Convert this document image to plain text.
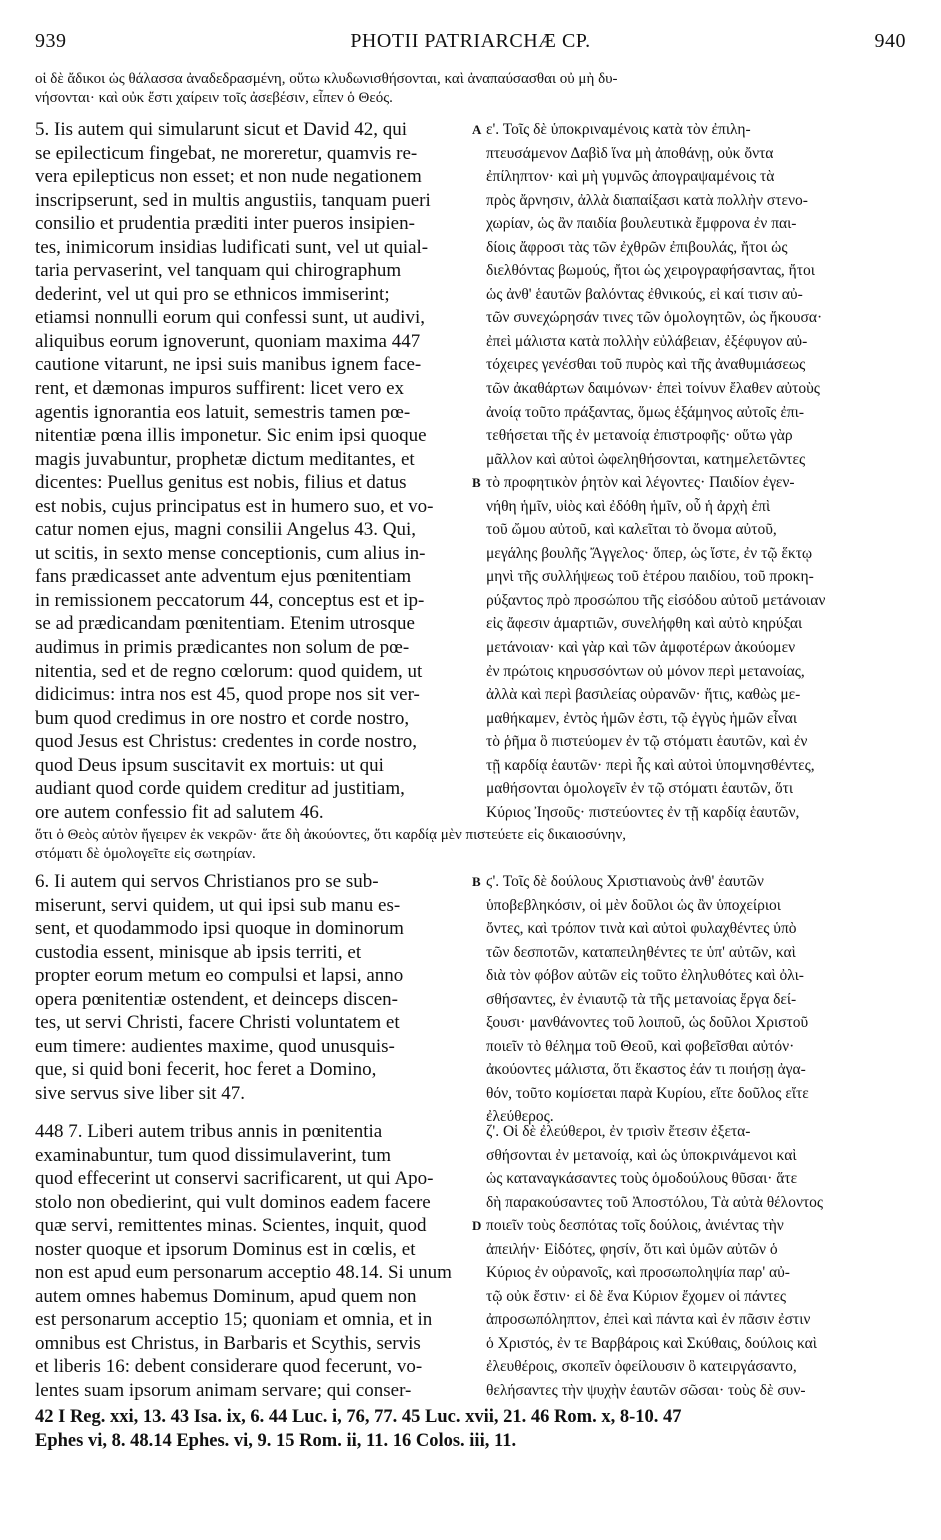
939	PHOTII PATRIARCHÆ CP.	940
οἱ δὲ ἄδικοι ὡς θάλασσα ἀναδεδρασμένη, οὕτω κλυδωνισθήσονται, καὶ ἀναπαύσασθαι οὐ μὴ δυ-
νήσονται· καὶ οὐκ ἔστι χαίρειν τοῖς ἀσεβέσιν, εἶπεν ὁ Θεός.
5. Iis autem qui simularunt sicut et David 42, qui
se epilecticum fingebat, ne moreretur, quamvis re-
vera epilepticus non esset; et non nude negationem
inscripserunt, sed in multis angustiis, tanquam pueri
consilio et prudentia præditi inter pueros insipien-
tes, inimicorum insidias ludificati sunt, vel ut quial-
taria pervaserint, vel tanquam qui chirographum
dederint, vel ut qui pro se ethnicos immiserint;
etiamsi nonnulli eorum qui confessi sunt, ut audivi,
aliquibus eorum ignoverunt, quoniam maxima 447
cautione vitarunt, ne ipsi suis manibus ignem face-
rent, et dæmonas impuros suffirent: licet vero ex
agentis ignorantia eos latuit, semestris tamen pœ-
nitentiæ pœna illis imponetur. Sic enim ipsi quoque
magis juvabuntur, prophetæ dictum meditantes, et
dicentes: Puellus genitus est nobis, filius et datus
est nobis, cujus principatus est in humero suo, et vo-
catur nomen ejus, magni consilii Angelus 43. Qui,
ut scitis, in sexto mense conceptionis, cum alius in-
fans prædicasset ante adventum ejus pœnitentiam
in remissionem peccatorum 44, conceptus est et ip-
se ad prædicandam pœnitentiam. Etenim utrosque
audimus in primis prædicantes non solum de pœ-
nitentia, sed et de regno cœlorum: quod quidem, ut
didicimus: intra nos est 45, quod prope nos sit ver-
bum quod credimus in ore nostro et corde nostro,
quod Jesus est Christus: credentes in corde nostro,
quod Deus ipsum suscitavit ex mortuis: ut qui
audiant quod corde quidem creditur ad justitiam,
ore autem confessio fit ad salutem 46.
ε'. Τοῖς δὲ ὑποκριναμένοις κατὰ τὸν ἐπιλη-
πτευσάμενον Δαβὶδ ἵνα μὴ ἀποθάνῃ, οὐκ ὄντα
ἐπίληπτον· καὶ μὴ γυμνῶς ἀπογραψαμένοις τὰ
πρὸς ἄρνησιν, ἀλλὰ διαπαίξασι κατὰ πολλὴν στενο-
χωρίαν, ὡς ἂν παιδία βουλευτικὰ ἔμφρονα ἐν παι-
δίοις ἄφροσι τὰς τῶν ἐχθρῶν ἐπιβουλάς, ἤτοι ὡς
διελθόντας βωμούς, ἤτοι ὡς χειρογραφήσαντας, ἤτοι
ὡς ἀνθ' ἑαυτῶν βαλόντας ἐθνικούς, εἰ καί τισιν αὐ-
τῶν συνεχώρησάν τινες τῶν ὁμολογητῶν, ὡς ἤκουσα·
ἐπεὶ μάλιστα κατὰ πολλὴν εὐλάβειαν, ἐξέφυγον αὐ-
τόχειρες γενέσθαι τοῦ πυρὸς καὶ τῆς ἀναθυμιάσεως
τῶν ἀκαθάρτων δαιμόνων· ἐπεὶ τοίνυν ἔλαθεν αὐτοὺς
ἀνοίᾳ τοῦτο πράξαντας, ὅμως ἑξάμηνος αὐτοῖς ἐπι-
τεθήσεται τῆς ἐν μετανοίᾳ ἐπιστροφῆς· οὕτω γὰρ
μᾶλλον καὶ αὐτοὶ ὠφεληθήσονται, κατημελετῶντες
τὸ προφητικὸν ῥητὸν καὶ λέγοντες· Παιδίον ἐγεν-
νήθη ἡμῖν, υἱὸς καὶ ἐδόθη ἡμῖν, οὗ ἡ ἀρχὴ ἐπὶ
τοῦ ὤμου αὐτοῦ, καὶ καλεῖται τὸ ὄνομα αὐτοῦ,
μεγάλης βουλῆς Ἄγγελος· ὅπερ, ὡς ἴστε, ἐν τῷ ἕκτῳ
μηνὶ τῆς συλλήψεως τοῦ ἑτέρου παιδίου, τοῦ προκη-
ρύξαντος πρὸ προσώπου τῆς εἰσόδου αὐτοῦ μετάνοιαν
εἰς ἄφεσιν ἁμαρτιῶν, συνελήφθη καὶ αὐτὸ κηρύξαι
μετάνοιαν· καὶ γὰρ καὶ τῶν ἀμφοτέρων ἀκούομεν
ἐν πρώτοις κηρυσσόντων οὐ μόνον περὶ μετανοίας,
ἀλλὰ καὶ περὶ βασιλείας οὐρανῶν· ἥτις, καθὼς με-
μαθήκαμεν, ἐντὸς ἡμῶν ἐστι, τῷ ἐγγὺς ἡμῶν εἶναι
τὸ ῥῆμα ὃ πιστεύομεν ἐν τῷ στόματι ἑαυτῶν, καὶ ἐν
τῇ καρδίᾳ ἑαυτῶν· περὶ ἧς καὶ αὐτοὶ ὑπομνησθέντες,
μαθήσονται ὁμολογεῖν ἐν τῷ στόματι ἑαυτῶν, ὅτι
Κύριος Ἰησοῦς· πιστεύοντες ἐν τῇ καρδίᾳ ἑαυτῶν,
A
B
ὅτι ὁ Θεὸς αὐτὸν ἤγειρεν ἐκ νεκρῶν· ἅτε δὴ ἀκούοντες, ὅτι καρδίᾳ μὲν πιστεύετε εἰς δικαιοσύνην,
στόματι δὲ ὁμολογεῖτε εἰς σωτηρίαν.
6. Ii autem qui servos Christianos pro se sub-
miserunt, servi quidem, ut qui ipsi sub manu es-
sent, et quodammodo ipsi quoque in dominorum
custodia essent, minisque ab ipsis territi, et
propter eorum metum eo compulsi et lapsi, anno
opera pœnitentiæ ostendent, et deinceps discen-
tes, ut servi Christi, facere Christi voluntatem et
eum timere: audientes maxime, quod unusquis-
que, si quid boni fecerit, hoc feret a Domino,
sive servus sive liber sit 47.
ϛ'. Τοῖς δὲ δούλους Χριστιανοὺς ἀνθ' ἑαυτῶν
ὑποβεβληκόσιν, οἱ μὲν δοῦλοι ὡς ἂν ὑποχείριοι
ὄντες, καὶ τρόπον τινὰ καὶ αὐτοὶ φυλαχθέντες ὑπὸ
τῶν δεσποτῶν, καταπειληθέντες τε ὑπ' αὐτῶν, καὶ
διὰ τὸν φόβον αὐτῶν εἰς τοῦτο ἐληλυθότες καὶ ὀλι-
σθήσαντες, ἐν ἐνιαυτῷ τὰ τῆς μετανοίας ἔργα δεί-
ξουσι· μανθάνοντες τοῦ λοιποῦ, ὡς δοῦλοι Χριστοῦ
ποιεῖν τὸ θέλημα τοῦ Θεοῦ, καὶ φοβεῖσθαι αὐτόν·
ἀκούοντες μάλιστα, ὅτι ἕκαστος ἐάν τι ποιήσῃ ἀγα-
θόν, τοῦτο κομίσεται παρὰ Κυρίου, εἴτε δοῦλος εἴτε
ἐλεύθερος.
B
448 7. Liberi autem tribus annis in pœnitentia
examinabuntur, tum quod dissimulaverint, tum
quod effecerint ut conservi sacrificarent, ut qui Apo-
stolo non obedierint, qui vult dominos eadem facere
quæ servi, remittentes minas. Scientes, inquit, quod
noster quoque et ipsorum Dominus est in cœlis, et
non est apud eum personarum acceptio 48.14. Si unum
autem omnes habemus Dominum, apud quem non
est personarum acceptio 15; quoniam et omnia, et in
omnibus est Christus, in Barbaris et Scythis, servis
et liberis 16: debent considerare quod fecerunt, vo-
lentes suam ipsorum animam servare; qui conser-
ζ'. Οἱ δὲ ἐλεύθεροι, ἐν τρισὶν ἔτεσιν ἐξετα-
σθήσονται ἐν μετανοίᾳ, καὶ ὡς ὑποκρινάμενοι καὶ
ὡς καταναγκάσαντες τοὺς ὁμοδούλους θῦσαι· ἅτε
δὴ παρακούσαντες τοῦ Ἀποστόλου, Τὰ αὐτὰ θέλοντος
ποιεῖν τοὺς δεσπότας τοῖς δούλοις, ἀνιέντας τὴν
ἀπειλήν· Εἰδότες, φησίν, ὅτι καὶ ὑμῶν αὐτῶν ὁ
Κύριος ἐν οὐρανοῖς, καὶ προσωποληψία παρ' αὐ-
τῷ οὐκ ἔστιν· εἰ δὲ ἕνα Κύριον ἔχομεν οἱ πάντες
ἀπροσωπόληπτον, ἐπεὶ καὶ πάντα καὶ ἐν πᾶσιν ἐστιν
ὁ Χριστός, ἐν τε Βαρβάροις καὶ Σκύθαις, δούλοις καὶ
ἐλευθέροις, σκοπεῖν ὀφείλουσιν ὃ κατειργάσαντο,
θελήσαντες τὴν ψυχὴν ἑαυτῶν σῶσαι· τοὺς δὲ συν-
D
42 I Reg. xxi, 13. 43 Isa. ix, 6. 44 Luc. i, 76, 77. 45 Luc. xvii, 21. 46 Rom. x, 8-10. 47
Ephes vi, 8. 48.14 Ephes. vi, 9. 15 Rom. ii, 11. 16 Colos. iii, 11.
